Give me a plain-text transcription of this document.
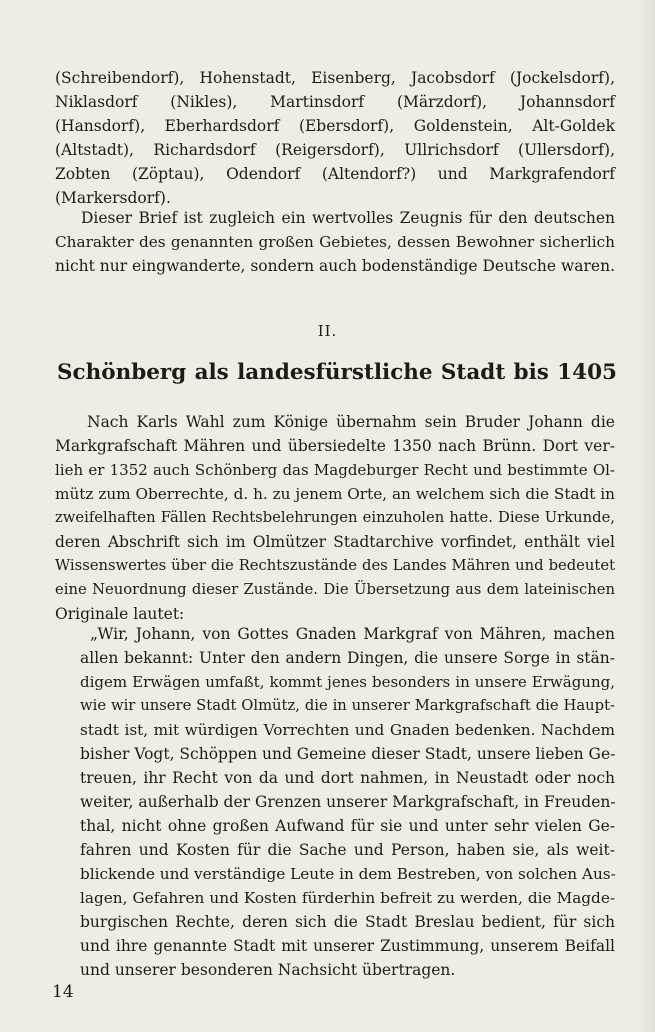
(Schreibendorf), Hohenstadt, Eisenberg, Jacobsdorf (Jockelsdorf),
Niklasdorf (Nikles), Martinsdorf (Märzdorf), Johannsdorf
(Hansdorf), Eberhardsdorf (Ebersdorf), Goldenstein, Alt-Goldek
(Altstadt), Richardsdorf (Reigersdorf), Ullrichsdorf (Ullersdorf),
Zobten (Zöptau), Odendorf (Altendorf?) und Markgrafendorf
(Markersdorf).
Dieser Brief ist zugleich ein wertvolles Zeugnis für den deutschen
Charakter des genannten großen Gebietes, dessen Bewohner sicherlich
nicht nur eingwanderte, sondern auch bodenständige Deutsche waren.
II.
Schönberg als landesfürstliche Stadt bis 1405
Nach Karls Wahl zum Könige übernahm sein Bruder Johann die
Markgrafschaft Mähren und übersiedelte 1350 nach Brünn. Dort ver-
lieh er 1352 auch Schönberg das Magdeburger Recht und bestimmte Ol-
mütz zum Oberrechte, d. h. zu jenem Orte, an welchem sich die Stadt in
zweifelhaften Fällen Rechtsbelehrungen einzuholen hatte. Diese Urkunde,
deren Abschrift sich im Olmützer Stadtarchive vorfindet, enthält viel
Wissenswertes über die Rechtszustände des Landes Mähren und bedeutet
eine Neuordnung dieser Zustände. Die Übersetzung aus dem lateinischen
Originale lautet:
„Wir, Johann, von Gottes Gnaden Markgraf von Mähren, machen
allen bekannt: Unter den andern Dingen, die unsere Sorge in stän-
digem Erwägen umfaßt, kommt jenes besonders in unsere Erwägung,
wie wir unsere Stadt Olmütz, die in unserer Markgrafschaft die Haupt-
stadt ist, mit würdigen Vorrechten und Gnaden bedenken. Nachdem
bisher Vogt, Schöppen und Gemeine dieser Stadt, unsere lieben Ge-
treuen, ihr Recht von da und dort nahmen, in Neustadt oder noch
weiter, außerhalb der Grenzen unserer Markgrafschaft, in Freuden-
thal, nicht ohne großen Aufwand für sie und unter sehr vielen Ge-
fahren und Kosten für die Sache und Person, haben sie, als weit-
blickende und verständige Leute in dem Bestreben, von solchen Aus-
lagen, Gefahren und Kosten fürderhin befreit zu werden, die Magde-
burgischen Rechte, deren sich die Stadt Breslau bedient, für sich
und ihre genannte Stadt mit unserer Zustimmung, unserem Beifall
und unserer besonderen Nachsicht übertragen.
14
